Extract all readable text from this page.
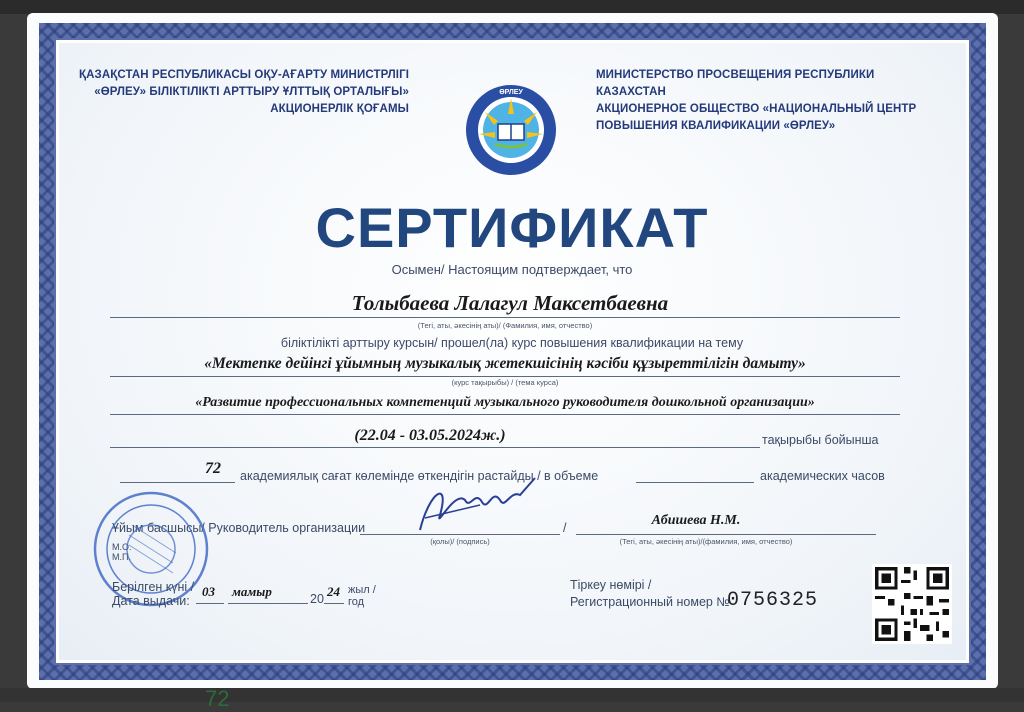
ҚАЗАҚСТАН РЕСПУБЛИКАСЫ ОҚУ-АҒАРТУ МИНИСТРЛІГІ
«ӨРЛЕУ» БІЛІКТІЛІКТІ АРТТЫРУ ҰЛТТЫҚ ОРТАЛЫҒЫ»
АКЦИОНЕРЛІК ҚОҒАМЫ
ӨРЛЕУ
МИНИСТЕРСТВО ПРОСВЕЩЕНИЯ РЕСПУБЛИКИ КАЗАХСТАН
АКЦИОНЕРНОЕ ОБЩЕСТВО «НАЦИОНАЛЬНЫЙ ЦЕНТР
ПОВЫШЕНИЯ КВАЛИФИКАЦИИ «ӨРЛЕУ»
СЕРТИФИКАТ
Осымен/ Настоящим подтверждает, что
Толыбаева Лалагул Максетбаевна
(Тегі, аты, әкесінің аты)/ (Фамилия, имя, отчество)
біліктілікті арттыру курсын/ прошел(ла) курс повышения квалификации на тему
«Мектепке дейінгі ұйымның музыкалық жетекшісінің кәсіби құзыреттілігін дамыту»
(курс тақырыбы) / (тема курса)
«Развитие профессиональных компетенций музыкального руководителя дошкольной организации»
(22.04 - 03.05.2024ж.)	тақырыбы бойынша
72 академиялық сағат көлемінде өткендігін растайды / в объеме	академических часов
Ұйым басшысы/ Руководитель организации
(қолы)/ (подпись)
/	Абишева Н.М.
(Тегі, аты, әкесінің аты)/(фамилия, имя, отчество)
М.О.
М.П.
Берілген күні /
Дата выдачи:
03 мамыр	20 24 жыл /
год
Тіркеу нөмірі /
Регистрационный номер №
0756325
72
